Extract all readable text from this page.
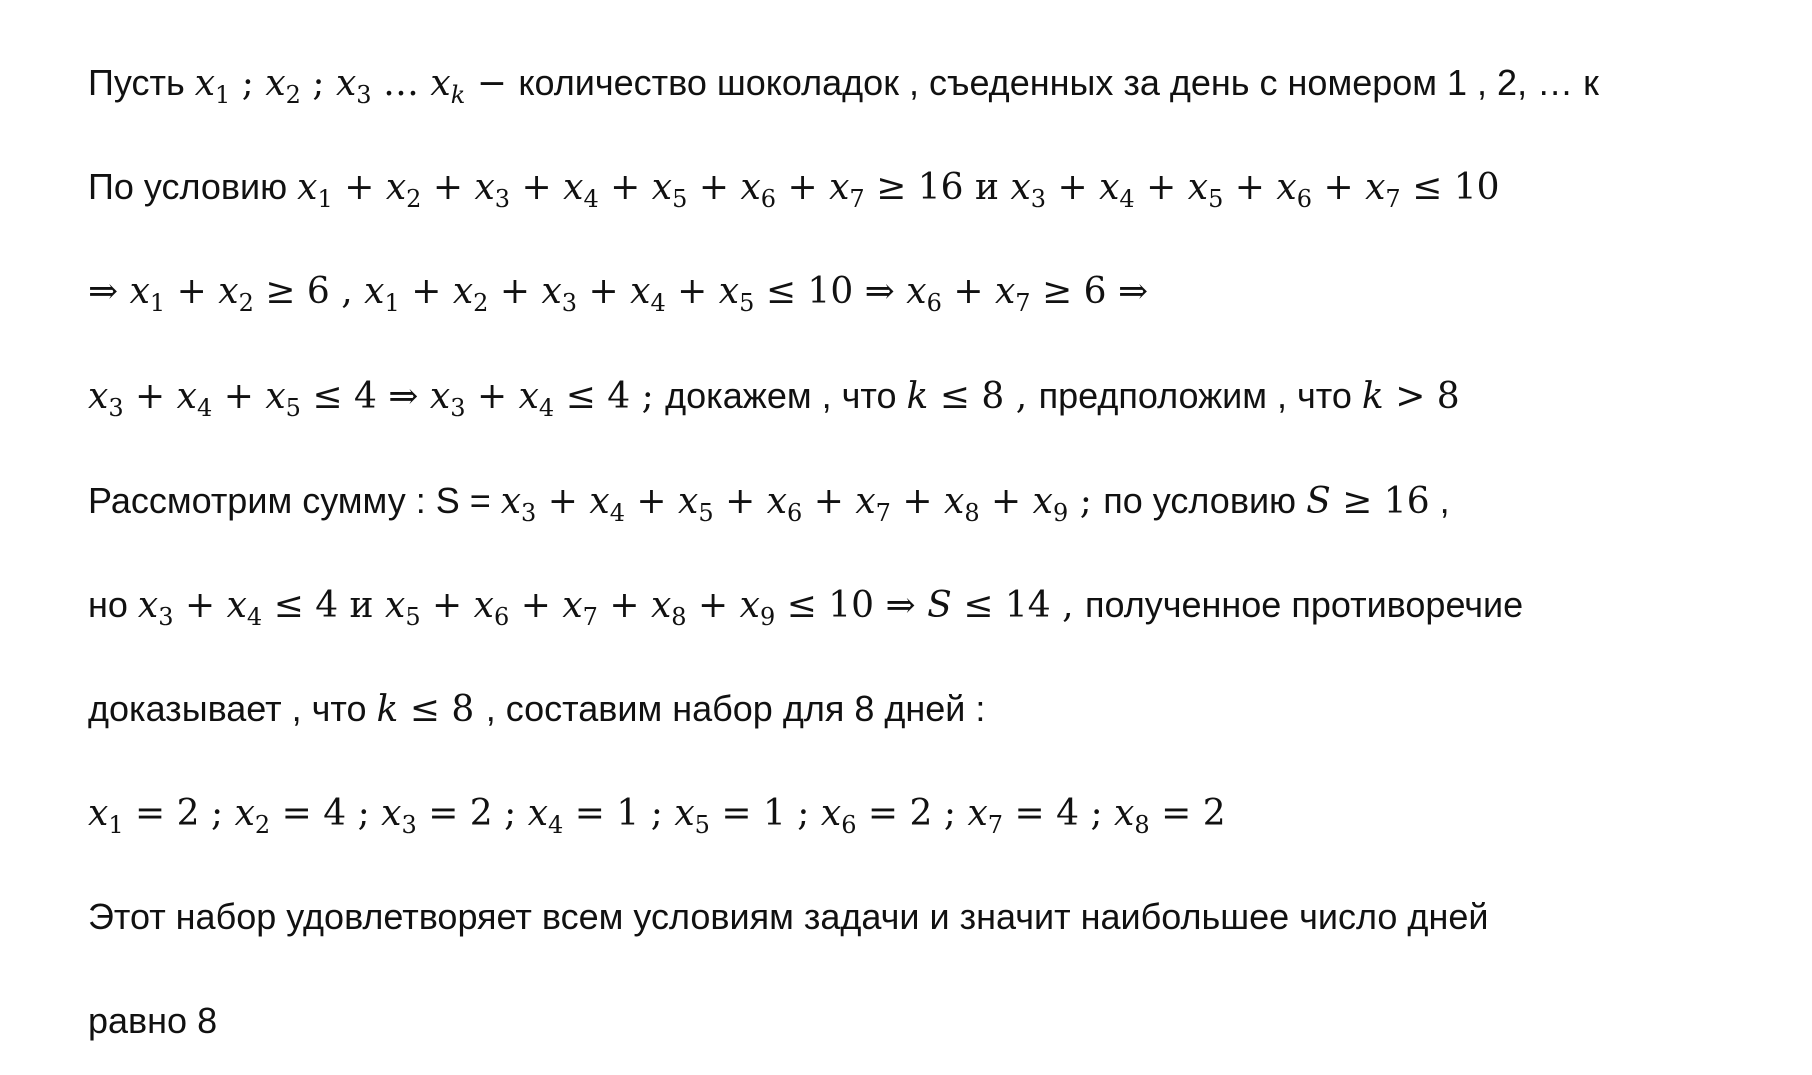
Пусть $x_1$ ; $x_2$ ; $x_3$ … $x_k$ − количество шоколадок , съеденных за день с номером 1 , 2, … к
По условию $x_1 + x_2 + x_3 + x_4 + x_5 + x_6 + x_7 \ge 16$ и $x_3 + x_4 + x_5 + x_6 + x_7 \le 10$
⇒ $x_1 + x_2 \ge 6$ , $x_1 + x_2 + x_3 + x_4 + x_5 \le 10$ ⇒ $x_6 + x_7 \ge 6$ ⇒
$x_3 + x_4 + x_5 \le 4$ ⇒ $x_3 + x_4 \le 4$ ; докажем , что k ≤ 8 , предположим , что k > 8
Рассмотрим сумму : $S = x_3 + x_4 + x_5 + x_6 + x_7 + x_8 + x_9$ ; по условию S ≥ 16 ,
но $x_3 + x_4 \le 4$ и $x_5 + x_6 + x_7 + x_8 + x_9 \le 10$ ⇒ S ≤ 14 , полученное противоречие
доказывает , что k ≤ 8 , составим набор для 8 дней :
$x_1 = 2$ ; $x_2 = 4$ ; $x_3 = 2$ ; $x_4 = 1$ ; $x_5 = 1$ ; $x_6 = 2$ ; $x_7 = 4$ ; $x_8 = 2$
Этот набор удовлетворяет всем условиям задачи и значит наибольшее число дней
равно 8
